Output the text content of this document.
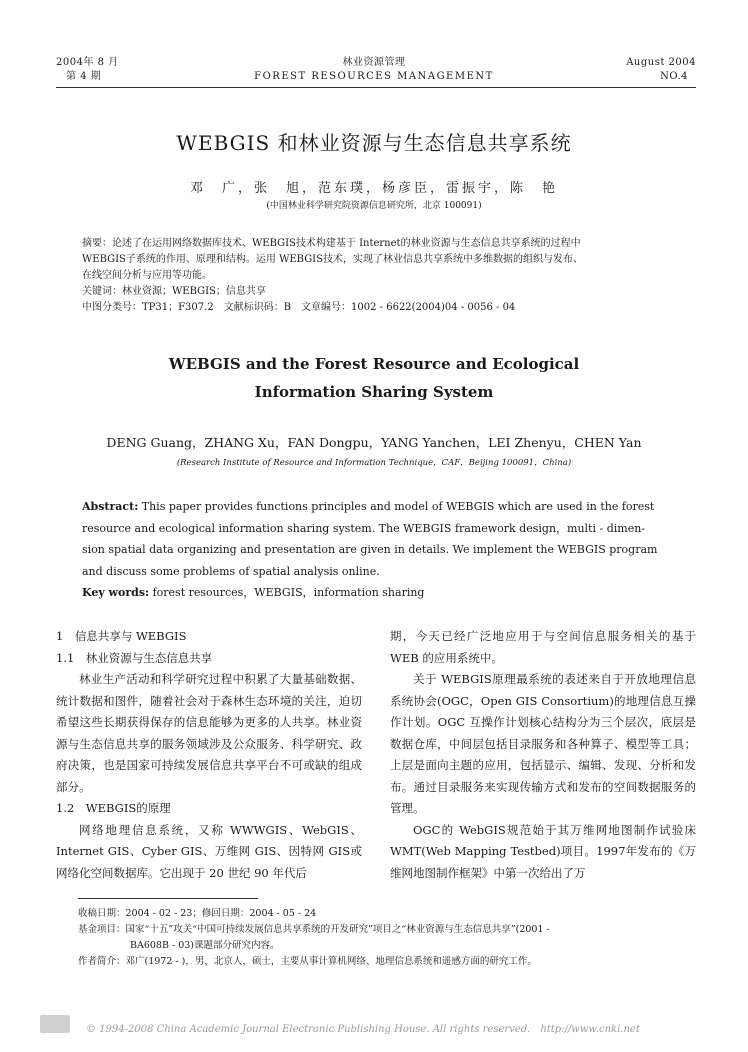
2004年 8 月
第 4 期
林业资源管理
FOREST RESOURCES MANAGEMENT
August 2004
NO.4
WEBGIS 和林业资源与生态信息共享系统
邓　广，张　旭，范东璞，杨彦臣，雷振宇，陈　艳
(中国林业科学研究院资源信息研究所，北京 100091)
摘要：论述了在运用网络数据库技术、WEBGIS技术构建基于 Internet的林业资源与生态信息共享系统的过程中
WEBGIS子系统的作用、原理和结构。运用 WEBGIS技术，实现了林业信息共享系统中多维数据的组织与发布、
在线空间分析与应用等功能。
关键词：林业资源；WEBGIS；信息共享
中图分类号：TP31；F307.2　文献标识码：B　文章编号：1002 - 6622(2004)04 - 0056 - 04
WEBGIS and the Forest Resource and Ecological
Information Sharing System
DENG Guang，ZHANG Xu，FAN Dongpu，YANG Yanchen，LEI Zhenyu，CHEN Yan
(Research Institute of Resource and Information Technique，CAF，Beijing 100091，China)
Abstract: This paper provides functions principles and model of WEBGIS which are used in the forest
resource and ecological information sharing system. The WEBGIS framework design，multi - dimen-
sion spatial data organizing and presentation are given in details. We implement the WEBGIS program
and discuss some problems of spatial analysis online.
Key words: forest resources，WEBGIS，information sharing

1　信息共享与 WEBGIS

1.1　林业资源与生态信息共享

林业生产活动和科学研究过程中积累了大量基础数据、统计数据和图件，随着社会对于森林生态环境的关注，迫切希望这些长期获得保存的信息能够为更多的人共享。林业资源与生态信息共享的服务领域涉及公众服务、科学研究、政府决策，也是国家可持续发展信息共享平台不可或缺的组成部分。

1.2　WEBGIS的原理

网络地理信息系统，又称 WWWGIS、WebGIS、Internet GIS、Cyber GIS、万维网 GIS、因特网 GIS或网络化空间数据库。它出现于 20 世纪 90 年代后

期，今天已经广泛地应用于与空间信息服务相关的基于 WEB 的应用系统中。

关于 WEBGIS原理最系统的表述来自于开放地理信息系统协会(OGC，Open GIS Consortium)的地理信息互操作计划。OGC 互操作计划核心结构分为三个层次，底层是数据仓库，中间层包括目录服务和各种算子、模型等工具；上层是面向主题的应用，包括显示、编辑、发现、分析和发布。通过目录服务来实现传输方式和发布的空间数据服务的管理。

OGC的 WebGIS规范始于其万维网地图制作试验床 WMT(Web Mapping Testbed)项目。1997年发布的《万维网地图制作框架》中第一次给出了万

收稿日期：2004 - 02 - 23；修回日期：2004 - 05 - 24
基金项目：国家“十五”攻关“中国可持续发展信息共享系统的开发研究”项目之“林业资源与生态信息共享”(2001 -
BA608B - 03)课题部分研究内容。
作者简介：邓广(1972 - )，男，北京人，硕士，主要从事计算机网络、地理信息系统和遥感方面的研究工作。
© 1994-2008 China Academic Journal Electronic Publishing House. All rights reserved.　http://www.cnki.net
